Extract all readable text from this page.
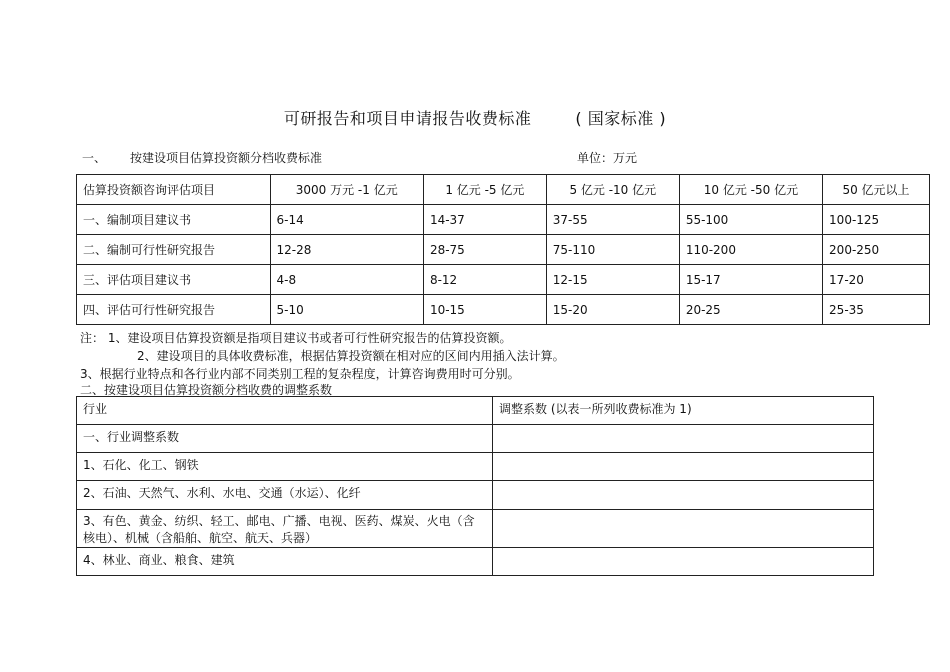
可研报告和项目申请报告收费标准	( 国家标准 )
一、 按建设项目估算投资额分档收费标准	单位：万元
估算投资额咨询评估项目	3000 万元 -1 亿元	1 亿元 -5 亿元	5 亿元 -10 亿元	10 亿元 -50 亿元	50 亿元以上
一、编制项目建议书	6-14	14-37	37-55	55-100	100-125
二、编制可行性研究报告	12-28	28-75	75-110	110-200	200-250
三、评估项目建议书	4-8	8-12	12-15	15-17	17-20
四、评估可行性研究报告	5-10	10-15	15-20	20-25	25-35
注： 1、建设项目估算投资额是指项目建议书或者可行性研究报告的估算投资额。
2、建设项目的具体收费标准，根据估算投资额在相对应的区间内用插入法计算。
3、根据行业特点和各行业内部不同类别工程的复杂程度，计算咨询费用时可分别。
二、按建设项目估算投资额分档收费的调整系数
行业	调整系数 (以表一所列收费标准为 1)
一、行业调整系数	
1、石化、化工、钢铁	
2、石油、天然气、水利、水电、交通（水运）、化纤	
3、有色、黄金、纺织、轻工、邮电、广播、电视、医药、煤炭、火电（含核电）、机械（含船舶、航空、航天、兵器）	
4、林业、商业、粮食、建筑	
